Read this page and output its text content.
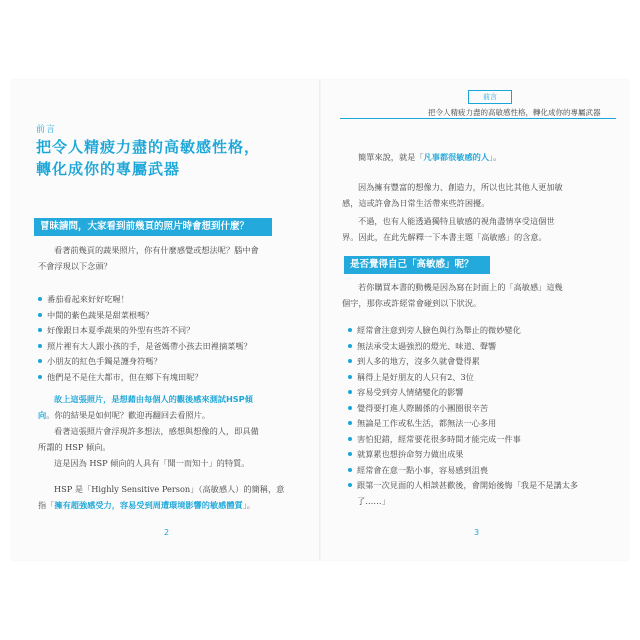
前言
把令人精疲力盡的高敏感性格，
轉化成你的專屬武器
冒昧請問，大家看到前幾頁的照片時會想到什麼？
看著前幾頁的蔬果照片，你有什麼感覺或想法呢？腦中會
不會浮現以下念頭？
番茄看起來好好吃喔！
中間的紫色蔬果是甜菜根嗎？
好像跟日本夏季蔬果的外型有些許不同？
照片裡有大人跟小孩的手，是爸媽帶小孩去田裡摘菜嗎？
小朋友的紅色手鐲是護身符嗎？
他們是不是住大都市，但在鄉下有塊田呢？
故上這張照片，是想藉由每個人的觀後感來測試HSP傾
向。你的結果是如何呢？歡迎再翻回去看照片。
看著這張照片會浮現許多想法，感想與想像的人，即具備
所謂的 HSP 傾向。
這是因為 HSP 傾向的人具有「聞一而知十」的特質。
HSP 是「Highly Sensitive Person」（高敏感人）的簡稱，意
指「擁有超強感受力，容易受到周遭環境影響的敏感體質」。
2
前言
把令人精疲力盡的高敏感性格，轉化成你的專屬武器
簡單來說，就是「凡事都很敏感的人」。
因為擁有豐富的想像力、創造力，所以也比其他人更加敏
感，這或許會為日常生活帶來些許困擾。
不過，也有人能透過獨特且敏感的視角盡情享受這個世
界。因此，在此先解釋一下本書主題「高敏感」的含意。
是否覺得自己「高敏感」呢？
若你購買本書的動機是因為寫在封面上的「高敏感」這幾
個字，那你或許經常會碰到以下狀況。
經常會注意到旁人臉色與行為舉止的微妙變化
無法承受太過強烈的燈光、味道、聲響
到人多的地方，沒多久就會覺得累
稱得上是好朋友的人只有2、3位
容易受到旁人情緒變化的影響
覺得要打進人際關係的小團圈很辛苦
無論是工作或私生活，都無法一心多用
害怕犯錯，經常要花很多時間才能完成一件事
就算累也想拚命努力做出成果
經常會在意一點小事，容易感到沮喪
跟第一次見面的人相談甚歡後，會開始後悔「我是不是講太多了……」
3
